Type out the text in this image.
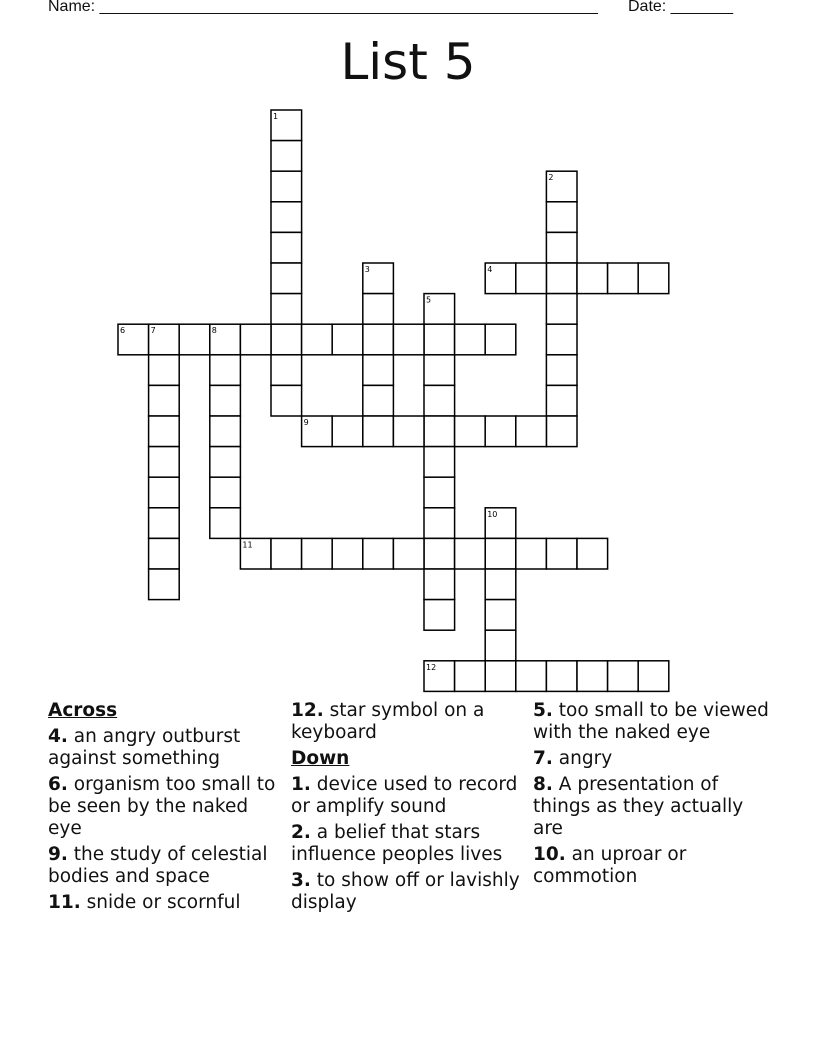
Name: ________________________________________________________ Date: _______
List 5
1
2
3	4
5
6	7	8
9
10
11
12
Across
4. an angry outburst against something
6. organism too small to be seen by the naked eye
9. the study of celestial bodies and space
11. snide or scornful
12. star symbol on a keyboard
Down
1. device used to record or amplify sound
2. a belief that stars influence peoples lives
3. to show off or lavishly display
5. too small to be viewed with the naked eye
7. angry
8. A presentation of things as they actually are
10. an uproar or commotion
